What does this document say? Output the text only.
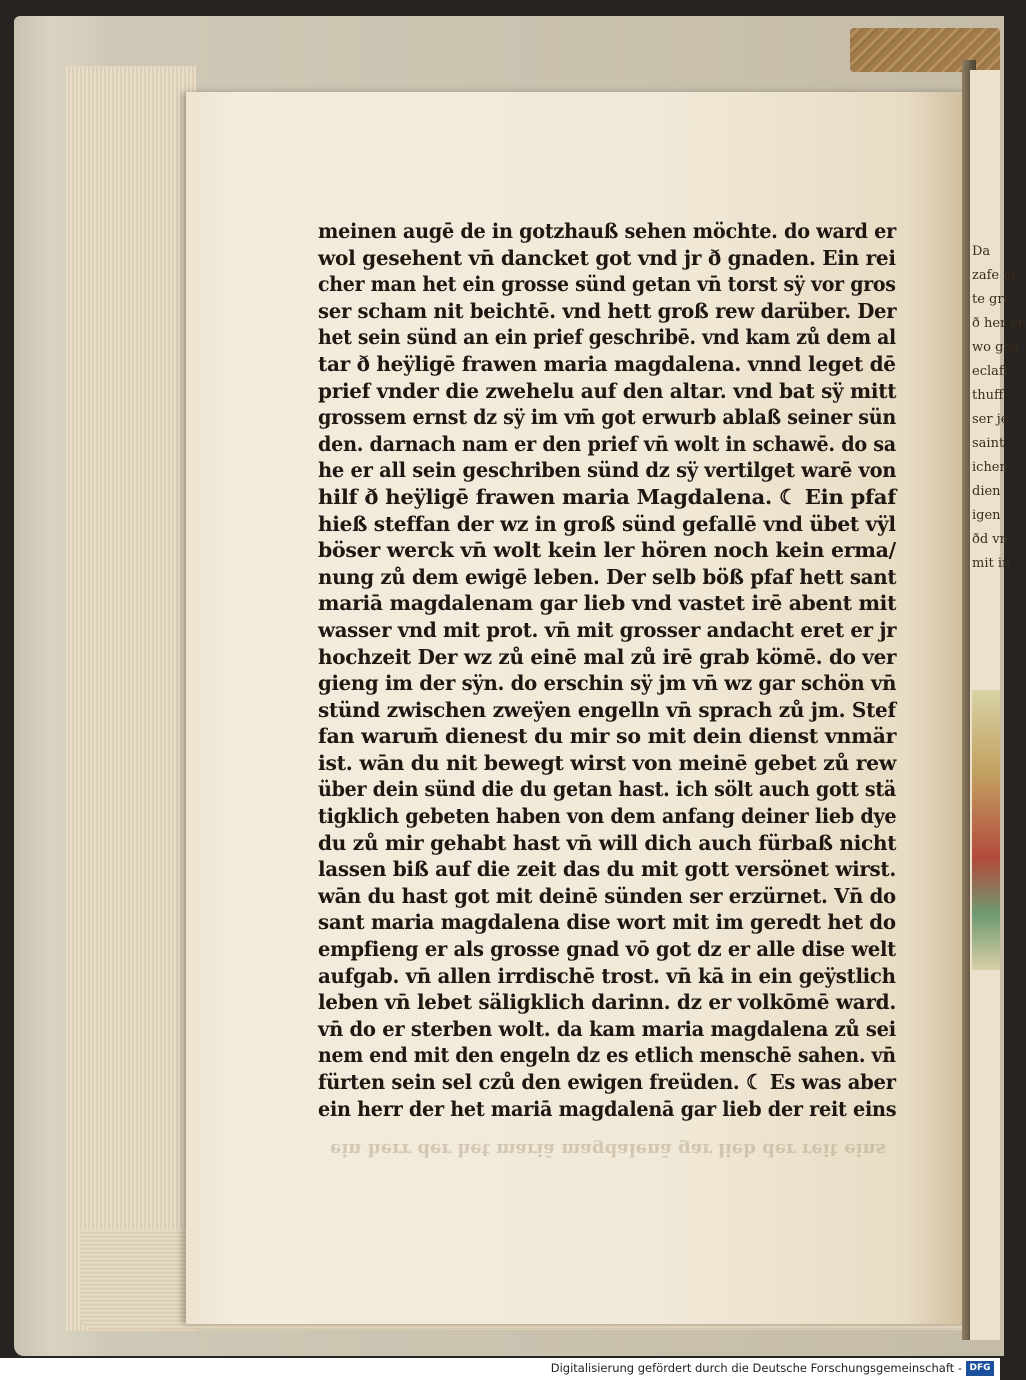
Da
zafe m
te grc
ð her vn
wo gha
eclaff
thuff
ser je
saint
ichen
dien
igen
ðd vn
mit in
meinen augē de in gotzhauß sehen möchte. do ward er
wol gesehent vn̄ dancket got vnd jr ð gnaden. Ein rei
cher man het ein grosse sünd getan vn̄ torst sÿ vor gros
ser scham nit beichtē. vnd hett groß rew darüber. Der
het sein sünd an ein prief geschribē. vnd kam zů dem al
tar ð heÿligē frawen maria magdalena. vnnd leget dē
prief vnder die zwehelu auf den altar. vnd bat sÿ mitt
grossem ernst dz sÿ im vm̄ got erwurb ablaß seiner sün
den. darnach nam er den prief vn̄ wolt in schawē. do sa
he er all sein geschriben sünd dz sÿ vertilget warē von
hilf ð heÿligē frawen maria Magdalena. ☾ Ein pfaf
hieß steffan der wz in groß sünd gefallē vnd übet vÿl
böser werck vn̄ wolt kein ler hören noch kein erma/
nung zů dem ewigē leben. Der selb böß pfaf hett sant
mariā magdalenam gar lieb vnd vastet irē abent mit
wasser vnd mit prot. vn̄ mit grosser andacht eret er jr
hochzeit Der wz zů einē mal zů irē grab kömē. do ver
gieng im der sÿn. do erschin sÿ jm vn̄ wz gar schön vn̄
stünd zwischen zweÿen engelln vn̄ sprach zů jm. Stef
fan warum̄ dienest du mir so mit dein dienst vnmär
ist. wān du nit bewegt wirst von meinē gebet zů rew
über dein sünd die du getan hast. ich sölt auch gott stä
tigklich gebeten haben von dem anfang deiner lieb dye
du zů mir gehabt hast vn̄ will dich auch fürbaß nicht
lassen biß auf die zeit das du mit gott versönet wirst.
wān du hast got mit deinē sünden ser erzürnet. Vn̄ do
sant maria magdalena dise wort mit im geredt het do
empfieng er als grosse gnad vō got dz er alle dise welt
aufgab. vn̄ allen irrdischē trost. vn̄ kā in ein geÿstlich
leben vn̄ lebet säligklich darinn. dz er volkōmē ward.
vn̄ do er sterben wolt. da kam maria magdalena zů sei
nem end mit den engeln dz es etlich menschē sahen. vn̄
fürten sein sel czů den ewigen freüden. ☾ Es was aber
ein herr der het mariā magdalenā gar lieb der reit eins
ein herr der het mariā magdalenā gar lieb der reit eins
Digitalisierung gefördert durch die Deutsche Forschungsgemeinschaft - DFG
